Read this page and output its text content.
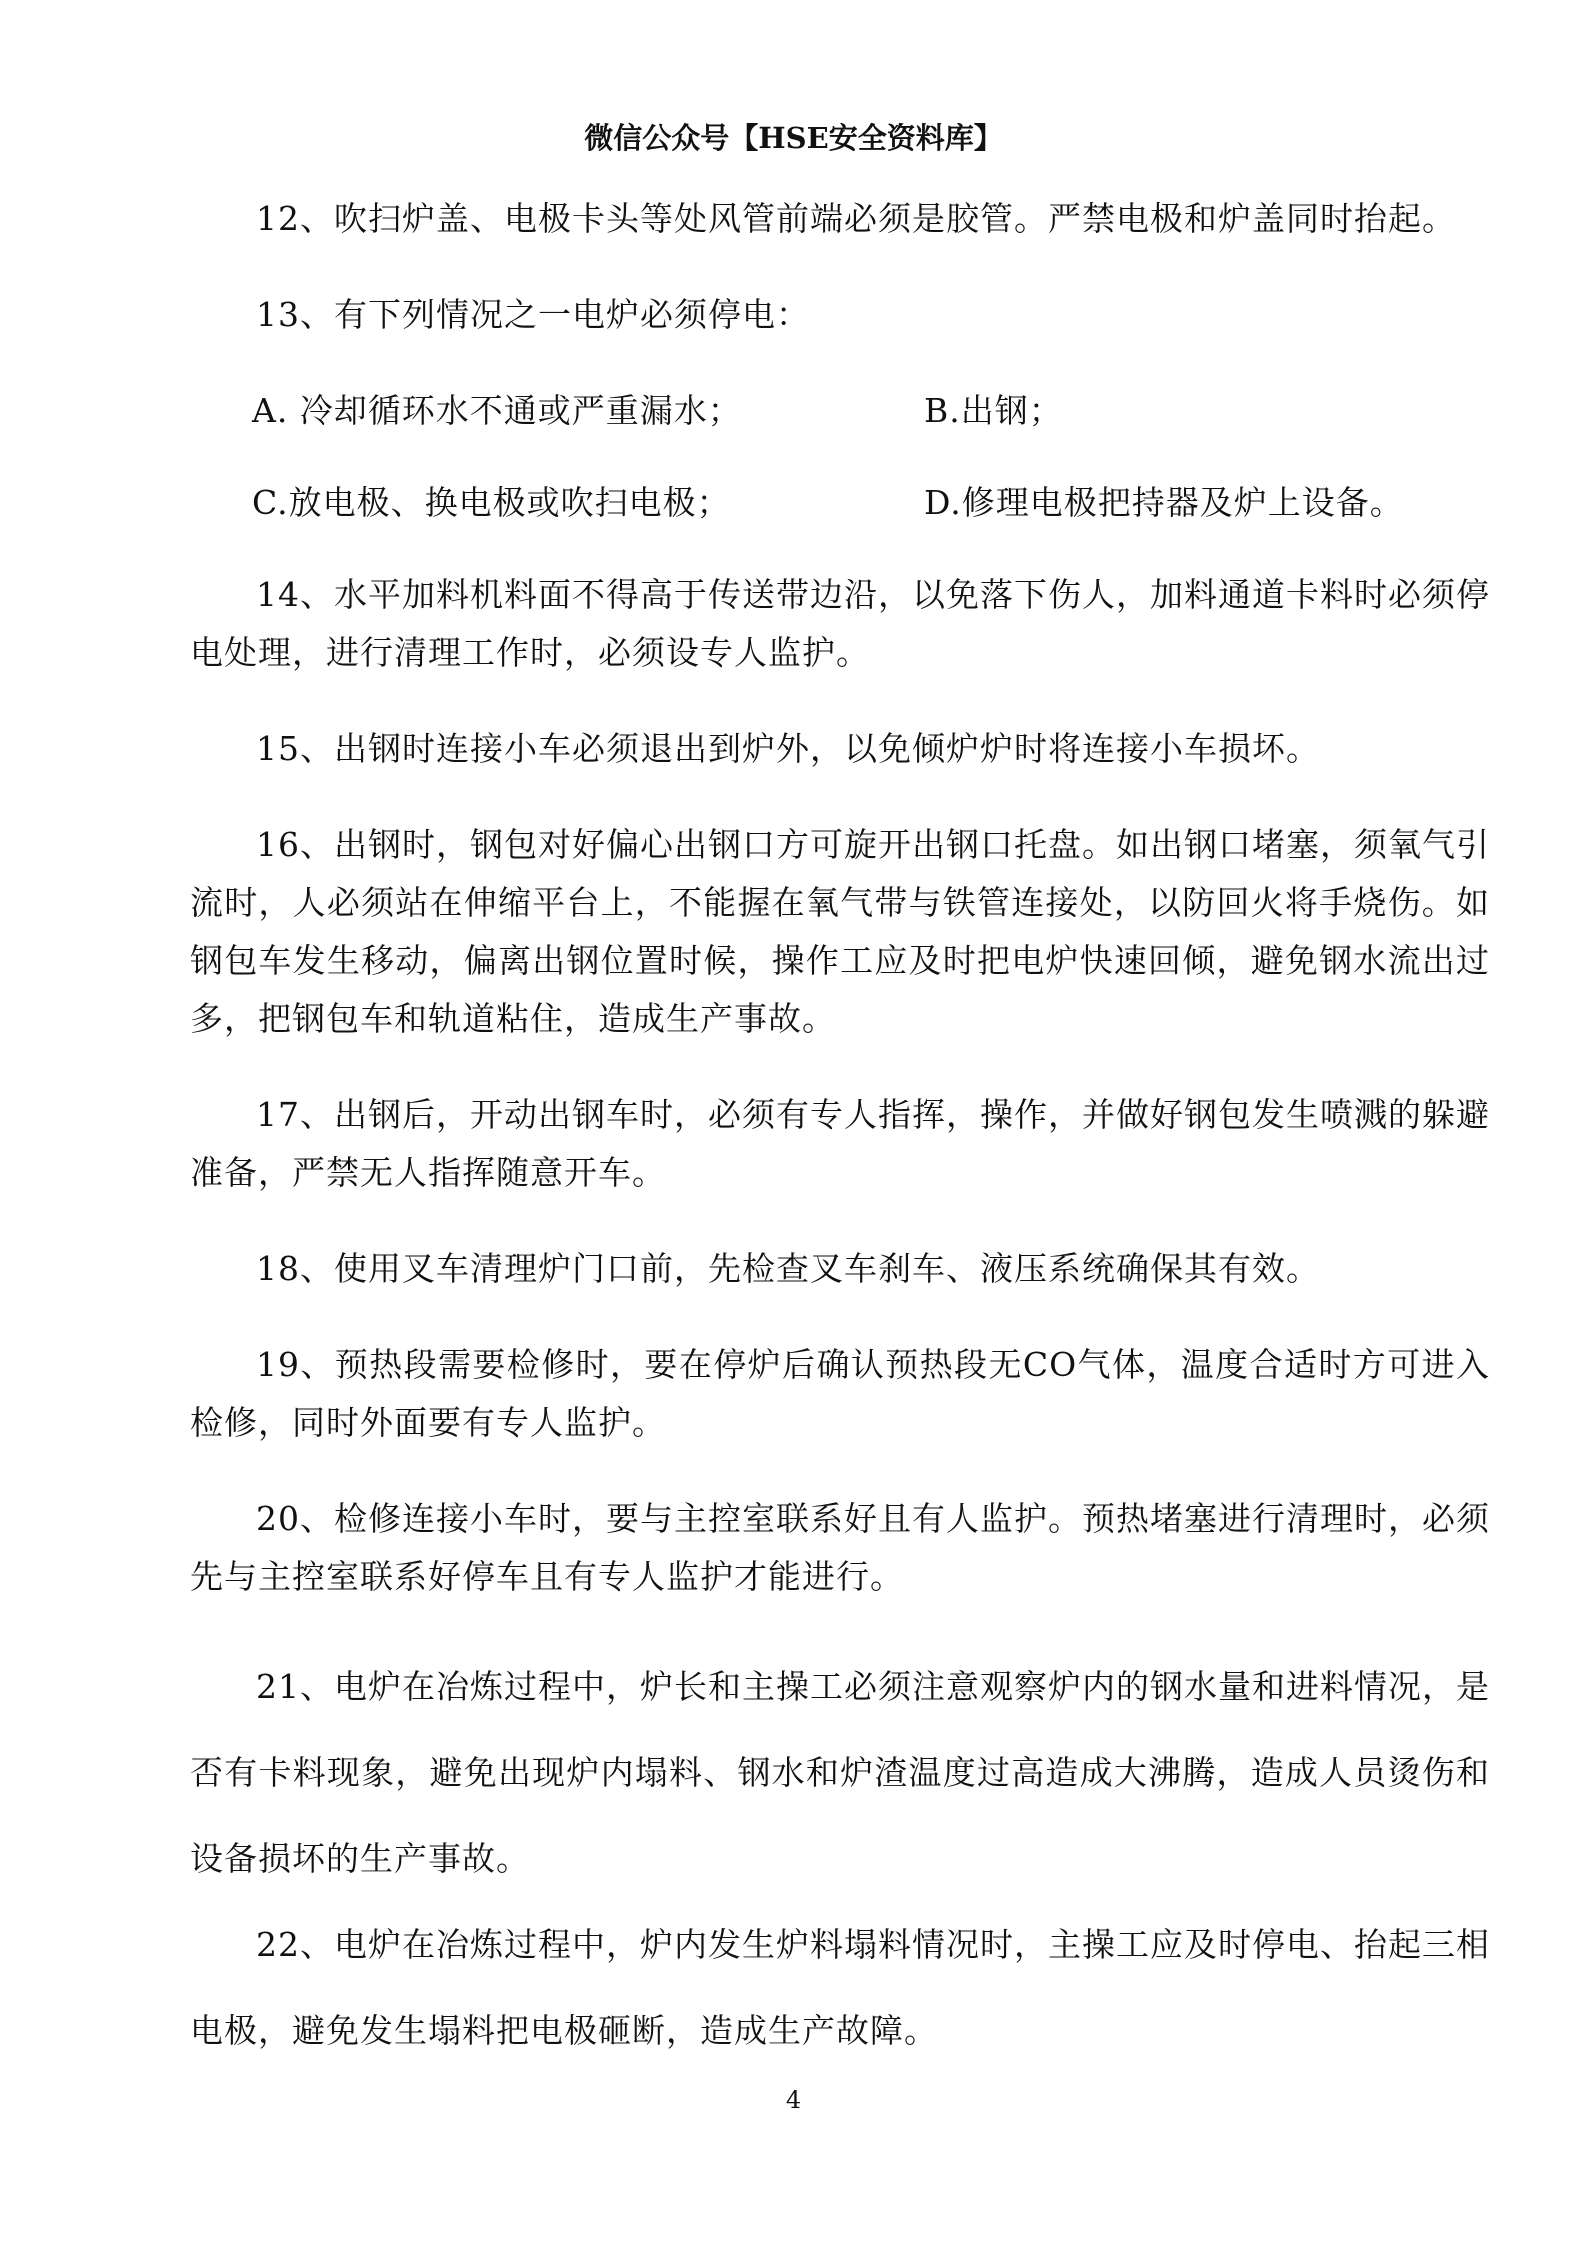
微信公众号【HSE安全资料库】

12、吹扫炉盖、电极卡头等处风管前端必须是胶管。严禁电极和炉盖同时抬起。

13、有下列情况之一电炉必须停电：

A. 冷却循环水不通或严重漏水；	B.出钢；
C.放电极、换电极或吹扫电极；	D.修理电极把持器及炉上设备。

14、水平加料机料面不得高于传送带边沿，以免落下伤人，加料通道卡料时必须停电处理，进行清理工作时，必须设专人监护。

15、出钢时连接小车必须退出到炉外，以免倾炉炉时将连接小车损坏。

16、出钢时，钢包对好偏心出钢口方可旋开出钢口托盘。如出钢口堵塞，须氧气引流时，人必须站在伸缩平台上，不能握在氧气带与铁管连接处，以防回火将手烧伤。如钢包车发生移动，偏离出钢位置时候，操作工应及时把电炉快速回倾，避免钢水流出过多，把钢包车和轨道粘住，造成生产事故。

17、出钢后，开动出钢车时，必须有专人指挥，操作，并做好钢包发生喷溅的躲避准备，严禁无人指挥随意开车。

18、使用叉车清理炉门口前，先检查叉车刹车、液压系统确保其有效。

19、预热段需要检修时，要在停炉后确认预热段无CO气体，温度合适时方可进入检修，同时外面要有专人监护。

20、检修连接小车时，要与主控室联系好且有人监护。预热堵塞进行清理时，必须先与主控室联系好停车且有专人监护才能进行。

21、电炉在冶炼过程中，炉长和主操工必须注意观察炉内的钢水量和进料情况，是否有卡料现象，避免出现炉内塌料、钢水和炉渣温度过高造成大沸腾，造成人员烫伤和设备损坏的生产事故。

22、电炉在冶炼过程中，炉内发生炉料塌料情况时，主操工应及时停电、抬起三相电极，避免发生塌料把电极砸断，造成生产故障。

4
